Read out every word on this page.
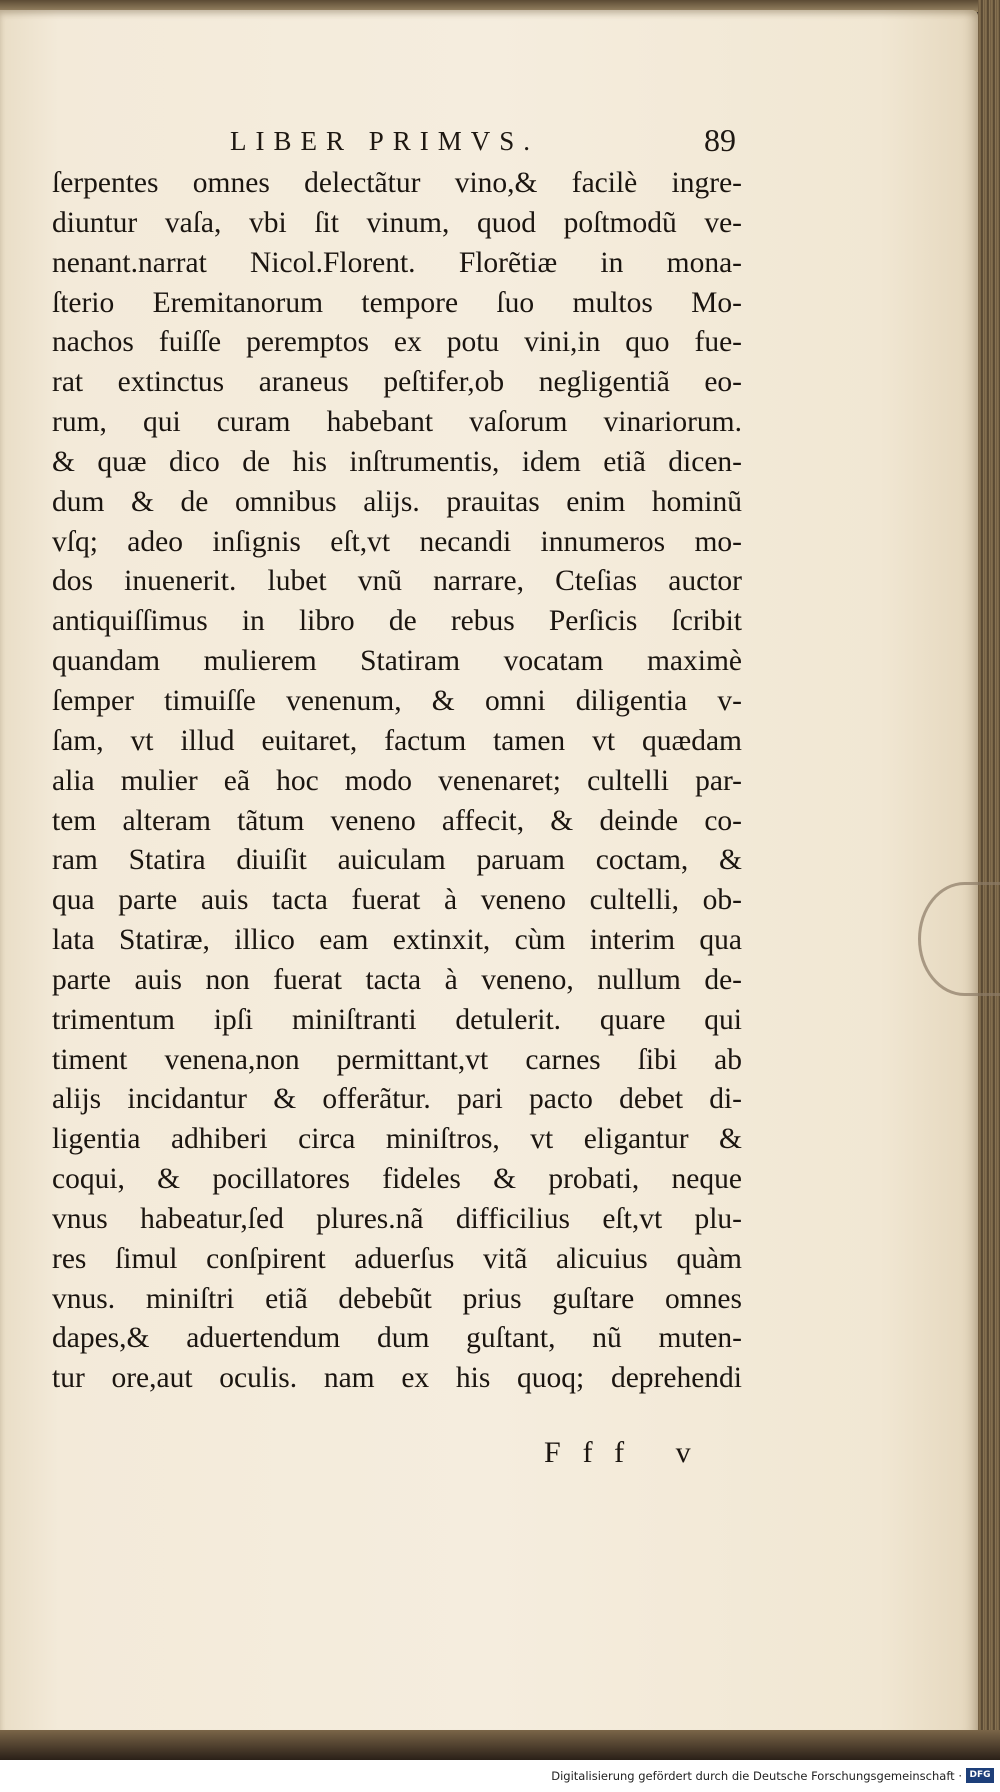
LIBER PRIMVS.	89
ſerpentes omnes delectãtur vino,& facilè ingre-
diuntur vaſa, vbi ſit vinum, quod poſtmodũ ve-
nenant.narrat Nicol.Florent. Florẽtiæ in mona-
ſterio Eremitanorum tempore ſuo multos Mo-
nachos fuiſſe peremptos ex potu vini,in quo fue-
rat extinctus araneus peſtifer,ob negligentiã eo-
rum, qui curam habebant vaſorum vinariorum.
& quæ dico de his inſtrumentis, idem etiã dicen-
dum & de omnibus alijs. prauitas enim hominũ
vſq; adeo inſignis eſt,vt necandi innumeros mo-
dos inuenerit. lubet vnũ narrare, Cteſias auctor
antiquiſſimus in libro de rebus Perſicis ſcribit
quandam mulierem Statiram vocatam maximè
ſemper timuiſſe venenum, & omni diligentia v-
ſam, vt illud euitaret, factum tamen vt quædam
alia mulier eã hoc modo venenaret; cultelli par-
tem alteram tãtum veneno affecit, & deinde co-
ram Statira diuiſit auiculam paruam coctam, &
qua parte auis tacta fuerat à veneno cultelli, ob-
lata Statiræ, illico eam extinxit, cùm interim qua
parte auis non fuerat tacta à veneno, nullum de-
trimentum ipſi miniſtranti detulerit. quare qui
timent venena,non permittant,vt carnes ſibi ab
alijs incidantur & offerãtur. pari pacto debet di-
ligentia adhiberi circa miniſtros, vt eligantur &
coqui, & pocillatores fideles & probati, neque
vnus habeatur,ſed plures.nã difficilius eſt,vt plu-
res ſimul conſpirent aduerſus vitã alicuius quàm
vnus. miniſtri etiã debebũt prius guſtare omnes
dapes,& aduertendum dum guſtant, nũ muten-
tur ore,aut oculis. nam ex his quoq; deprehendi
Fff v
Digitalisierung gefördert durch die Deutsche Forschungsgemeinschaft · DFG
